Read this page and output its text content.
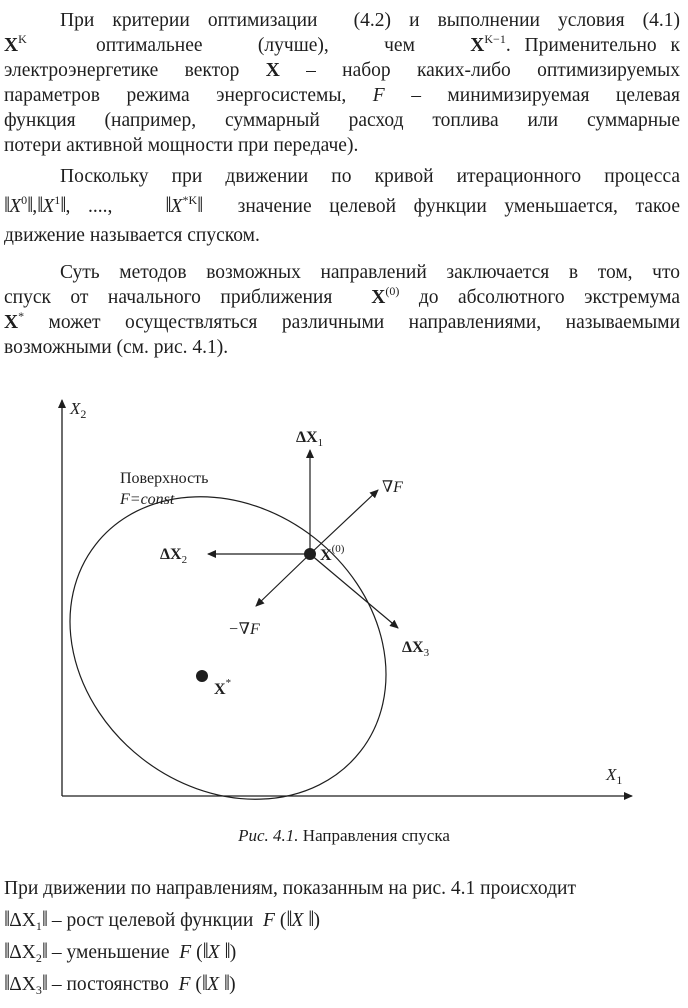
При критерии оптимизации (4.2) и выполнении условия (4.1)
$X^K$	оптимальнее	(лучше),	чем	$X^{K-1}$. Применительно к
электроэнергетике вектор X – набор каких-либо оптимизируемых
параметров режима энергосистемы, F – минимизируемая целевая
функция (например, суммарный расход топлива или суммарные
потери активной мощности при передаче).
Поскольку при движении по кривой итерационного процесса
$‖X^0‖,‖X^1‖$, ...., $‖X^{*K}‖$ значение целевой функции уменьшается, такое
движение называется спуском.
Суть методов возможных направлений заключается в том, что
спуск от начального приближения $X^{(0)}$ до абсолютного экстремума
X* может осуществляться различными направлениями, называемыми
возможными (см. рис. 4.1).
$X_2$
$X_1$
Поверхность
F=const
$\Delta X_1$
$\Delta X_2$
$\Delta X_3$
∇F
−∇F
$X^{(0)}$
X*
Рис. 4.1. Направления спуска
При движении по направлениям, показанным на рис. 4.1 происходит
$‖\Delta X_1‖$ – рост целевой функции F (‖X ‖)
$‖\Delta X_2‖$ – уменьшение F (‖X ‖)
$‖\Delta X_3‖$ – постоянство F (‖X ‖)
